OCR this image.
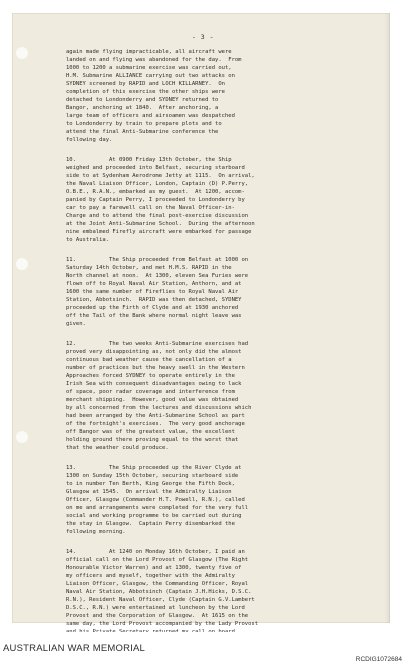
- 3 -
again made flying impracticable, all aircraft were
landed on and flying was abandoned for the day.  From
1000 to 1200 a submarine exercise was carried out,
H.M. Submarine ALLIANCE carrying out two attacks on
SYDNEY screened by RAPID and LOCH KILLARNEY.  On
completion of this exercise the other ships were
detached to Londonderry and SYDNEY returned to
Bangor, anchoring at 1840.  After anchoring, a
large team of officers and airsoamen was despatched
to Londonderry by train to prepare plots and to
attend the final Anti-Submarine conference the
following day.
10.          At 0900 Friday 13th October, the Ship
weighed and proceeded into Belfast, securing starboard
side to at Sydenham Aerodrome Jetty at 1115.  On arrival,
the Naval Liaison Officer, London, Captain (D) P.Perry,
O.B.E., R.A.N., embarked as my guest.  At 1200, accom-
panied by Captain Perry, I proceeded to Londonderry by
car to pay a farewell call on the Naval Officer-in-
Charge and to attend the final post-exercise discussion
at the Joint Anti-Submarine School.  During the afternoon
nine embalmed Firefly aircraft were embarked for passage
to Australia.
11.          The Ship proceeded from Belfast at 1000 on
Saturday 14th October, and met H.M.S. RAPID in the
North channel at noon.  At 1300, eleven Sea Furies were
flown off to Royal Naval Air Station, Anthorn, and at
1600 the same number of Fireflies to Royal Naval Air
Station, Abbotsinch.  RAPID was then detached, SYDNEY
proceeded up the Firth of Clyde and at 1930 anchored
off the Tail of the Bank where normal night leave was
given.
12.          The two weeks Anti-Submarine exercises had
proved very disappointing as, not only did the almost
continuous bad weather cause the cancellation of a
number of practices but the heavy swell in the Western
Approaches forced SYDNEY to operate entirely in the
Irish Sea with consequent disadvantages owing to lack
of space, poor radar coverage and interference from
merchant shipping.  However, good value was obtained
by all concerned from the lectures and discussions which
had been arranged by the Anti-Submarine School as part
of the fortnight's exercises.  The very good anchorage
off Bangor was of the greatest value, the excellent
holding ground there proving equal to the worst that
that the weather could produce.
13.          The Ship proceeded up the River Clyde at
1300 on Sunday 15th October, securing starboard side
to in number Ten Berth, King George the Fifth Dock,
Glasgow at 1545.  On arrival the Admiralty Liaison
Officer, Glasgow (Commander H.T. Powell, R.N.), called
on me and arrangements were completed for the very full
social and working programme to be carried out during
the stay in Glasgow.  Captain Perry disembarked the
following morning.
14.          At 1240 on Monday 16th October, I paid an
official call on the Lord Provost of Glasgow (The Right
Honourable Victor Warren) and at 1300, twenty five of
my officers and myself, together with the Admiralty
Liaison Officer, Glasgow, the Commanding Officer, Royal
Naval Air Station, Abbotsinch (Captain J.H.Hicks, D.S.C.
R.N.), Resident Naval Officer, Clyde (Captain G.V.Lambert
D.S.C., R.N.) were entertained at luncheon by the Lord
Provost and the Corporation of Glasgow.  At 1615 on the
same day, the Lord Provost accompanied by the Lady Provost
AUSTRALIAN WAR MEMORIAL
RCDIG1072684
